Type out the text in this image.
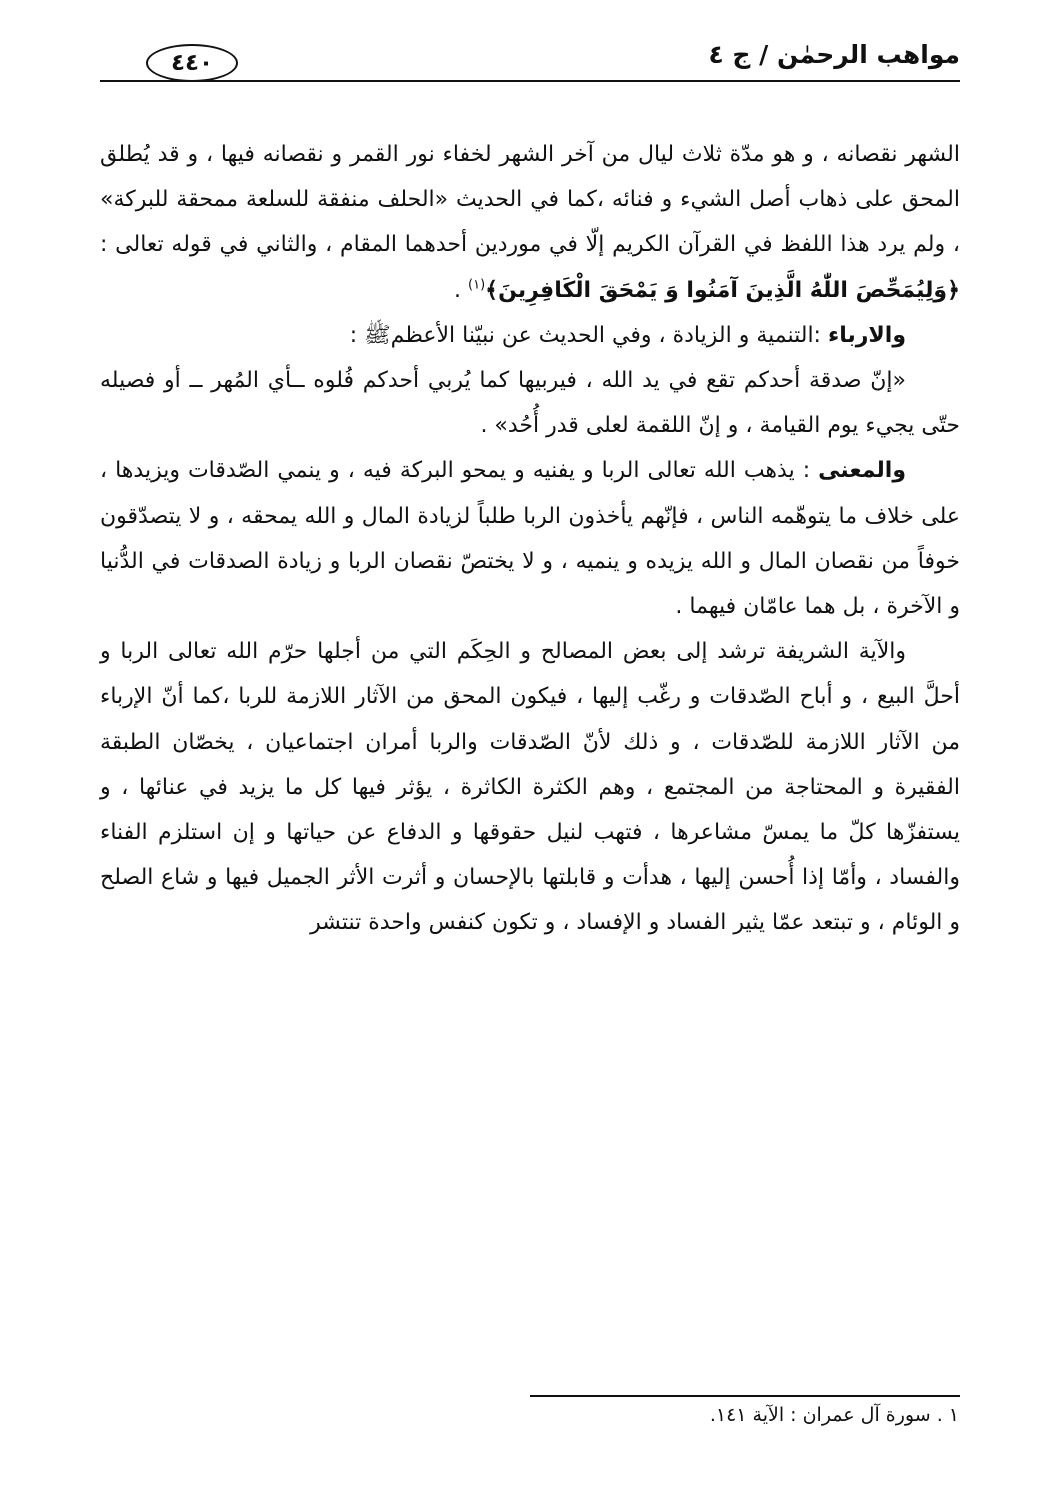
مواهب الرحمٰن / ج ٤
٤٤٠

الشهر نقصانه ، و هو مدّة ثلاث ليال من آخر الشهر لخفاء نور القمر و نقصانه فيها ، و قد يُطلق المحق على ذهاب أصل الشيء و فنائه ،كما في الحديث «الحلف منفقة للسلعة ممحقة للبركة» ، ولم يرد هذا اللفظ في القرآن الكريم إلّا في موردين أحدهما المقام ، والثاني في قوله تعالى : ﴿وَلِيُمَحِّصَ اللّٰهُ الَّذِينَ آمَنُوا وَ يَمْحَقَ الْكَافِرِينَ﴾$^{(١)}$ .

والارباء :التنمية و الزيادة ، وفي الحديث عن نبيّنا الأعظمﷺ :

«إنّ صدقة أحدكم تقع في يد الله ، فيربيها كما يُربي أحدكم فُلوه ــأي المُهر ــ أو فصيله حتّى يجيء يوم القيامة ، و إنّ اللقمة لعلى قدر أُحُد» .

والمعنى : يذهب الله تعالى الربا و يفنيه و يمحو البركة فيه ، و ينمي الصّدقات ويزيدها ، على خلاف ما يتوهّمه الناس ، فإنّهم يأخذون الربا طلباً لزيادة المال و الله يمحقه ، و لا يتصدّقون خوفاً من نقصان المال و الله يزيده و ينميه ، و لا يختصّ نقصان الربا و زيادة الصدقات في الدُّنيا و الآخرة ، بل هما عامّان فيهما .

والآية الشريفة ترشد إلى بعض المصالح و الحِكَم التي من أجلها حرّم الله تعالى الربا و أحلَّ البيع ، و أباح الصّدقات و رغّب إليها ، فيكون المحق من الآثار اللازمة للربا ،كما أنّ الإرباء من الآثار اللازمة للصّدقات ، و ذلك لأنّ الصّدقات والربا أمران اجتماعيان ، يخصّان الطبقة الفقيرة و المحتاجة من المجتمع ، وهم الكثرة الكاثرة ، يؤثر فيها كل ما يزيد في عنائها ، و يستفزّها كلّ ما يمسّ مشاعرها ، فتهب لنيل حقوقها و الدفاع عن حياتها و إن استلزم الفناء والفساد ، وأمّا إذا أُحسن إليها ، هدأت و قابلتها بالإحسان و أثرت الأثر الجميل فيها و شاع الصلح و الوئام ، و تبتعد عمّا يثير الفساد و الإفساد ، و تكون كنفس واحدة تنتشر

١ . سورة آل عمران : الآية ١٤١.
